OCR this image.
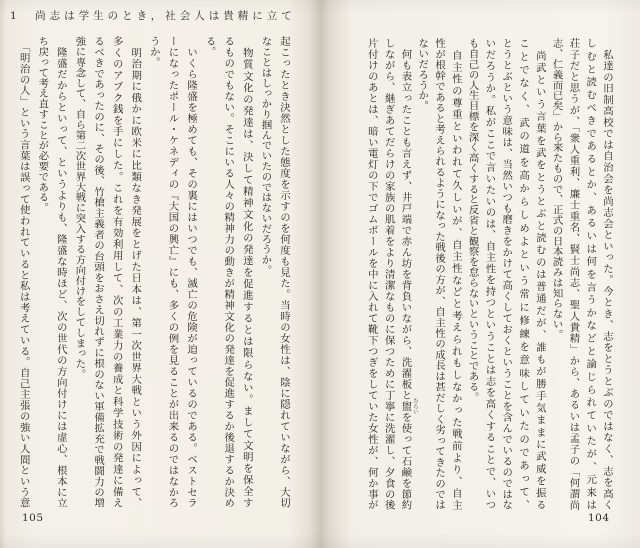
1　尚志は学生のとき，社会人は貴精に立て
起こったとき決然とした態度を示すのを何度も見た。当時の女性は、陰に隠れていながら、大切
なことはしっかり掴んでいたのではないだろうか。
　物質文化の発達は、決して精神文化の発達を促進するとは限らない。まして文明を保全す
るものでもない。そこにいる人々の精神力の動きが精神文化の発達を促進するか後退するか決め
る。
　いくら隆盛を極めても、その裏にはいつでも、滅亡の危険が迫っているのである。ベストセラ
ーになったポール・ケネディの『大国の興亡』にも、多くの例を見ることが出来るのではなかろ
うか。
　明治期に俄かに欧米に比類なき発展をとげた日本は、第一次世界大戦という外因によって、
多くのアブク銭を手にした。これを有効利用して、次の工業力の養成と科学技術の発達に備え
るべきであったのに、その後、竹槍主義者の台頭をおさえ切れずに根のない軍備拡充で戦闘力の増
強に専念して、自ら第二次世界大戦に突入する方向付けをしてしまった。
　隆盛だからといって、というよりも、隆盛な時ほど、次の世代の方向付けには虚心、根本に立
ち戻って考え直すことが必要である。
　「明治の人」という言葉は誤って使われていると私は考えている。自己主張の強い人間という意
105
　私達の旧制高校では自治会を尚志会といった。今とき、志をとうとぶのではなく、志を高く
しむと読むべきであるとか、あるいは何を言うかなどと論じられていたが、元来は
荘子だと思うが、「衆人重利、廉士重名、賢士尚志、聖人貴精」から、あるいは孟子の「何謂尚
志、仁義而已矣」から来たもので、正式の日本読みは知らない。
　尚武という言葉を武をとうとぶと読むのは普通だが、誰もが勝手気ままに武威を振る
ことでなく、武の道を高からしめよという常に修練を意味していたのであって、
とうとぶという意味は、当然いつも磨きをかけて高くしておくということを含んでいるのではな
いだろうか。私がここで言いたいのは、自主性を持つということは志を高くすることで、いつ
も自己の人生目標を深く高くすると反省と観察を怠らないということである。
　自主性の尊重といわれて久しいが、自主性などと考えられもしなかった戦前より、自主
性が根幹であると考えられるようになった戦後の方が、自主性の成長は甚だしく劣ってきたのでは
ないだろうか。
　何も表立ったことも言えず、井戸端で赤ん坊を背負いながら、洗濯板と盥を使って石鹸を節約
しながら、継ぎあてだらけの家族の肌着をより清潔なものに保つために丁寧に洗濯し、夕食の後
片付けのあとは、暗い電灯の下でゴムボールを中に入れて靴下つぎをしていた女性が、何か事が	たらい
104
